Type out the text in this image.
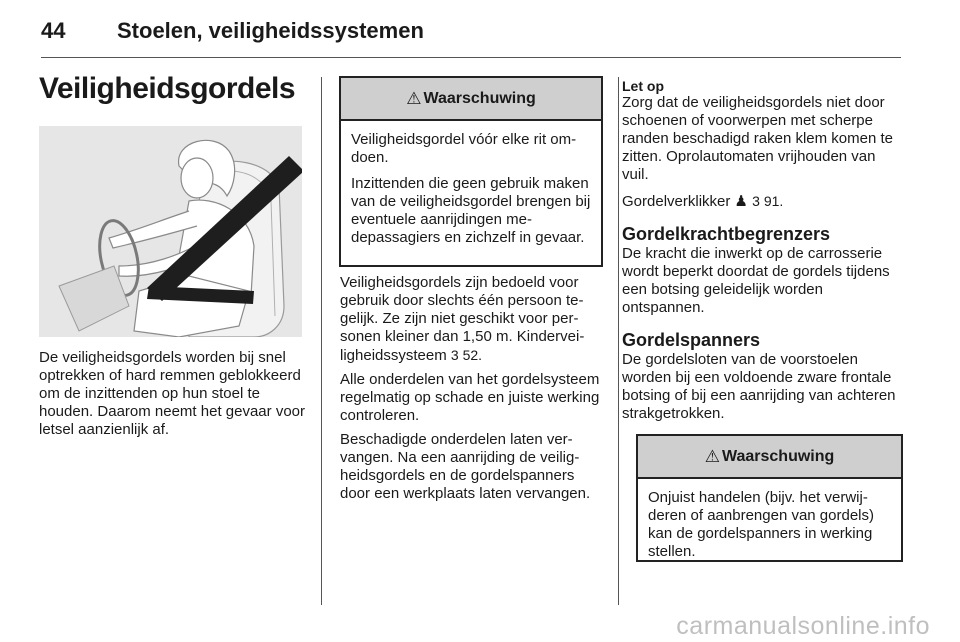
44 Stoelen, veiligheidssystemen
Veiligheidsgordels

De veiligheidsgordels worden bij snel optrekken of hard remmen geblokkeerd om de inzittenden op hun stoel te houden. Daarom neemt het gevaar voor letsel aanzienlijk af.

⚠ Waarschuwing

Veiligheidsgordel vóór elke rit omdoen.

Inzittenden die geen gebruik maken van de veiligheidsgordel brengen bij eventuele aanrijdingen medepassagiers en zichzelf in gevaar.

Veiligheidsgordels zijn bedoeld voor gebruik door slechts één persoon tegelijk. Ze zijn niet geschikt voor personen kleiner dan 1,50 m. Kinderveiligheidssysteem 3 52.

Alle onderdelen van het gordelsysteem regelmatig op schade en juiste werking controleren.

Beschadigde onderdelen laten vervangen. Na een aanrijding de veiligheidsgordels en de gordelspanners door een werkplaats laten vervangen.

Let op

Zorg dat de veiligheidsgordels niet door schoenen of voorwerpen met scherpe randen beschadigd raken klem komen te zitten. Oprolautomaten vrijhouden van vuil.

Gordelverklikker ♟ 3 91.

Gordelkrachtbegrenzers

De kracht die inwerkt op de carrosserie wordt beperkt doordat de gordels tijdens een botsing geleidelijk worden ontspannen.

Gordelspanners

De gordelsloten van de voorstoelen worden bij een voldoende zware frontale botsing of bij een aanrijding van achteren strakgetrokken.

⚠ Waarschuwing

Onjuist handelen (bijv. het verwijderen of aanbrengen van gordels) kan de gordelspanners in werking stellen.

carmanualsonline.info
